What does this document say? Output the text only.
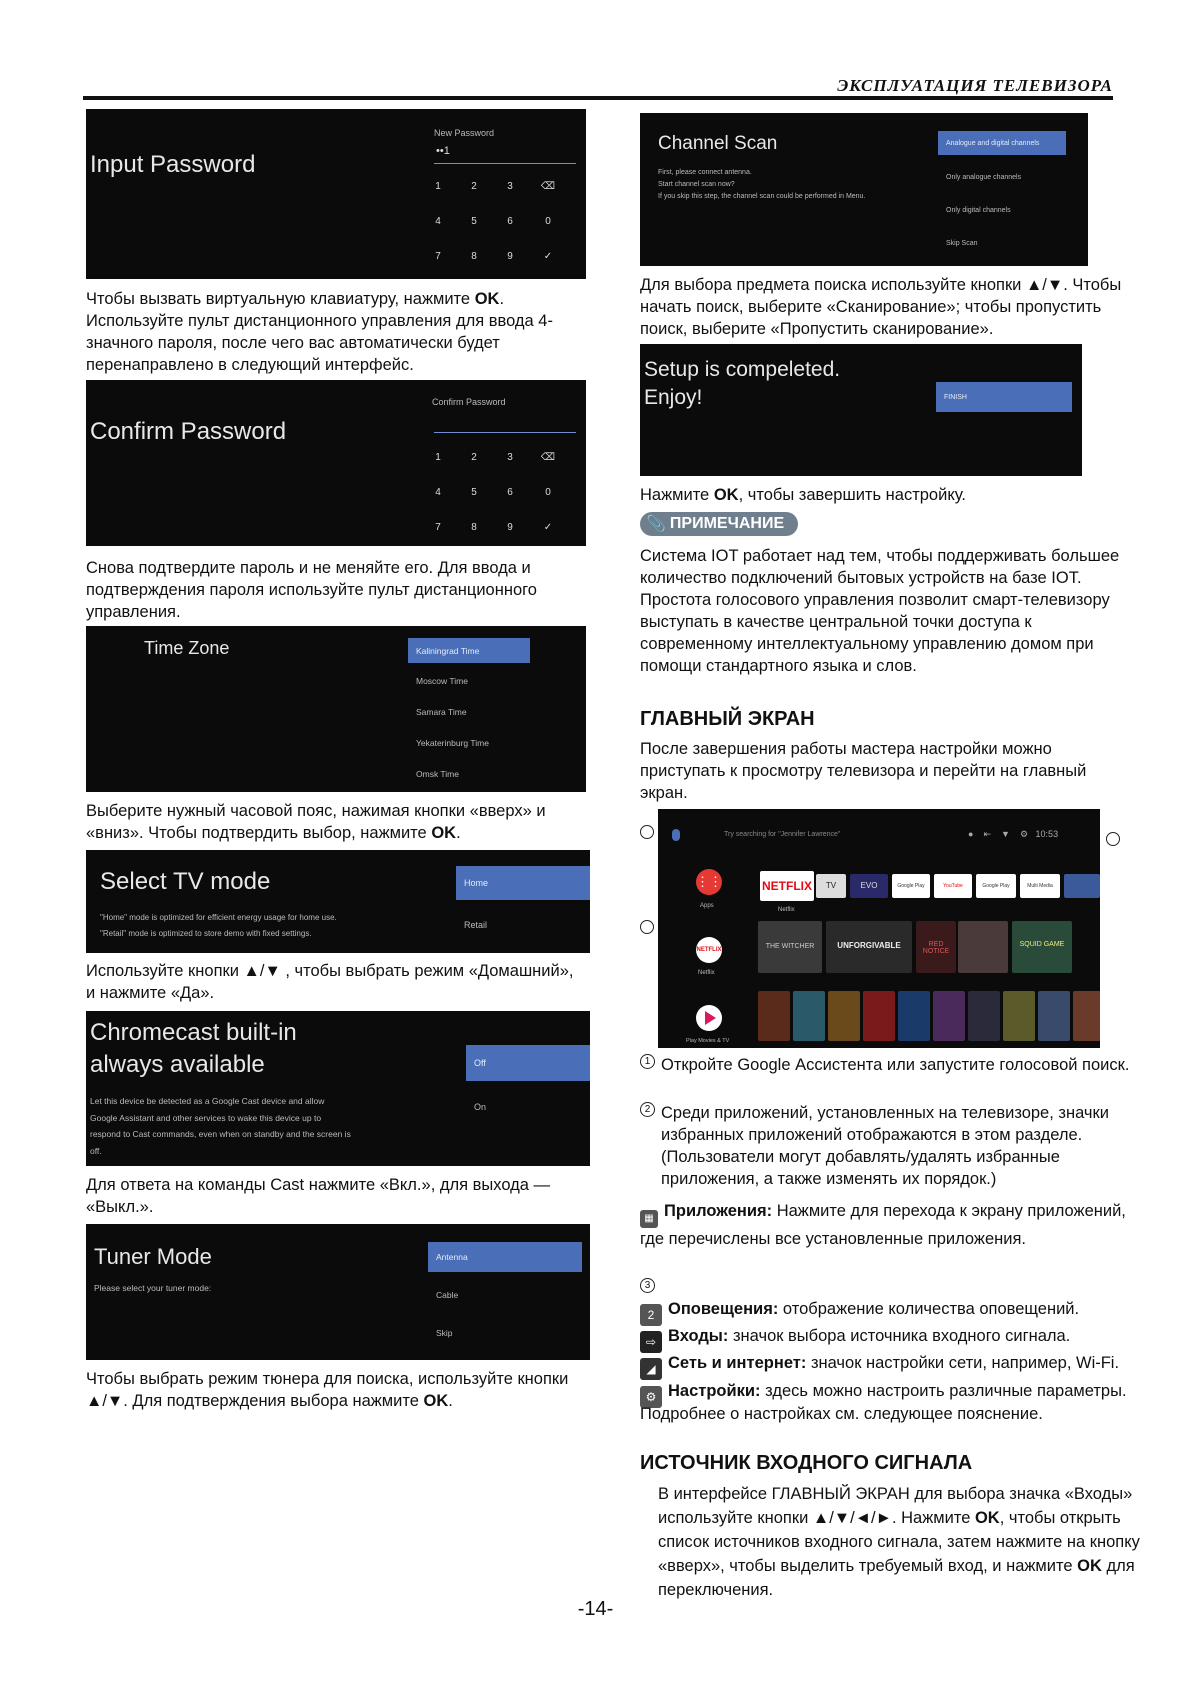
ЭКСПЛУАТАЦИЯ ТЕЛЕВИЗОРА
Input Password
New Password
••1
1	2	3	⌫
4	5	6	0
7	8	9	✓
Чтобы вызвать виртуальную клавиатуру, нажмите OK. Используйте пульт дистанционного управления для ввода 4-значного пароля, после чего вас автоматически будет перенаправлено в следующий интерфейс.
Confirm Password
Confirm Password
1	2	3	⌫
4	5	6	0
7	8	9	✓
Снова подтвердите пароль и не меняйте его. Для ввода и подтверждения пароля используйте пульт дистанционного управления.
Time Zone	Kaliningrad Time
Moscow Time
Samara Time
Yekaterinburg Time
Omsk Time
Выберите нужный часовой пояс, нажимая кнопки «вверх» и «вниз». Чтобы подтвердить выбор, нажмите OK.
Select TV mode
"Home" mode is optimized for efficient energy usage for home use.
"Retail" mode is optimized to store demo with fixed settings.
Home
Retail
Используйте кнопки ▲/▼ , чтобы выбрать режим «Домашний», и нажмите «Да».
Chromecast built-in
always available
Let this device be detected as a Google Cast device and allow
Google Assistant and other services to wake this device up to
respond to Cast commands, even when on standby and the screen is
off.
Off
On
Для ответа на команды Cast нажмите «Вкл.», для выхода — «Выкл.».
Tuner Mode
Please select your tuner mode:
Antenna
Cable
Skip
Чтобы выбрать режим тюнера для поиска, используйте кнопки ▲/▼. Для подтверждения выбора нажмите OK.
Channel Scan
First, please connect antenna.
Start channel scan now?
If you skip this step, the channel scan could be performed in Menu.
Analogue and digital channels
Only analogue channels
Only digital channels
Skip Scan
Для выбора предмета поиска используйте кнопки ▲/▼. Чтобы начать поиск, выберите «Сканирование»; чтобы пропустить поиск, выберите «Пропустить сканирование».
Setup is compeleted.
Enjoy!	FINISH
Нажмите OK, чтобы завершить настройку.
📎 ПРИМЕЧАНИЕ
Система IOT работает над тем, чтобы поддерживать большее количество подключений бытовых устройств на базе IOT. Простота голосового управления позволит смарт-телевизору выступать в качестве центральной точки доступа к современному интеллектуальному управлению домом при помощи стандартного языка и слов.
ГЛАВНЫЙ ЭКРАН
После завершения работы мастера настройки можно приступать к просмотру телевизора и перейти на главный экран.
Try searching for "Jennifer Lawrence"	● ⇤ ▼ ⚙ 10:53
⋮⋮
Apps
NETFLIX
Netflix
TV	EVO	Google Play	YouTube	Google Play	Multi Media
NETFLIX
Netflix
THE WITCHER	UNFORGIVABLE	RED NOTICE
SQUID GAME
Play Movies & TV
1 Откройте Google Ассистента или запустите голосовой поиск.
2 Среди приложений, установленных на телевизоре, значки избранных приложений отображаются в этом разделе. (Пользователи могут добавлять/удалять избранные приложения, а также изменять их порядок.)
▦ Приложения: Нажмите для перехода к экрану приложений, где перечислены все установленные приложения.
3
2 Оповещения: отображение количества оповещений.
⇨ Входы: значок выбора источника входного сигнала.
◢ Сеть и интернет: значок настройки сети, например, Wi-Fi.
⚙ Настройки: здесь можно настроить различные параметры.
Подробнее о настройках см. следующее пояснение.
ИСТОЧНИК ВХОДНОГО СИГНАЛА
В интерфейсе ГЛАВНЫЙ ЭКРАН для выбора значка «Входы» используйте кнопки ▲/▼/◄/►. Нажмите OK, чтобы открыть список источников входного сигнала, затем нажмите на кнопку «вверх», чтобы выделить требуемый вход, и нажмите OK для переключения.
-14-
